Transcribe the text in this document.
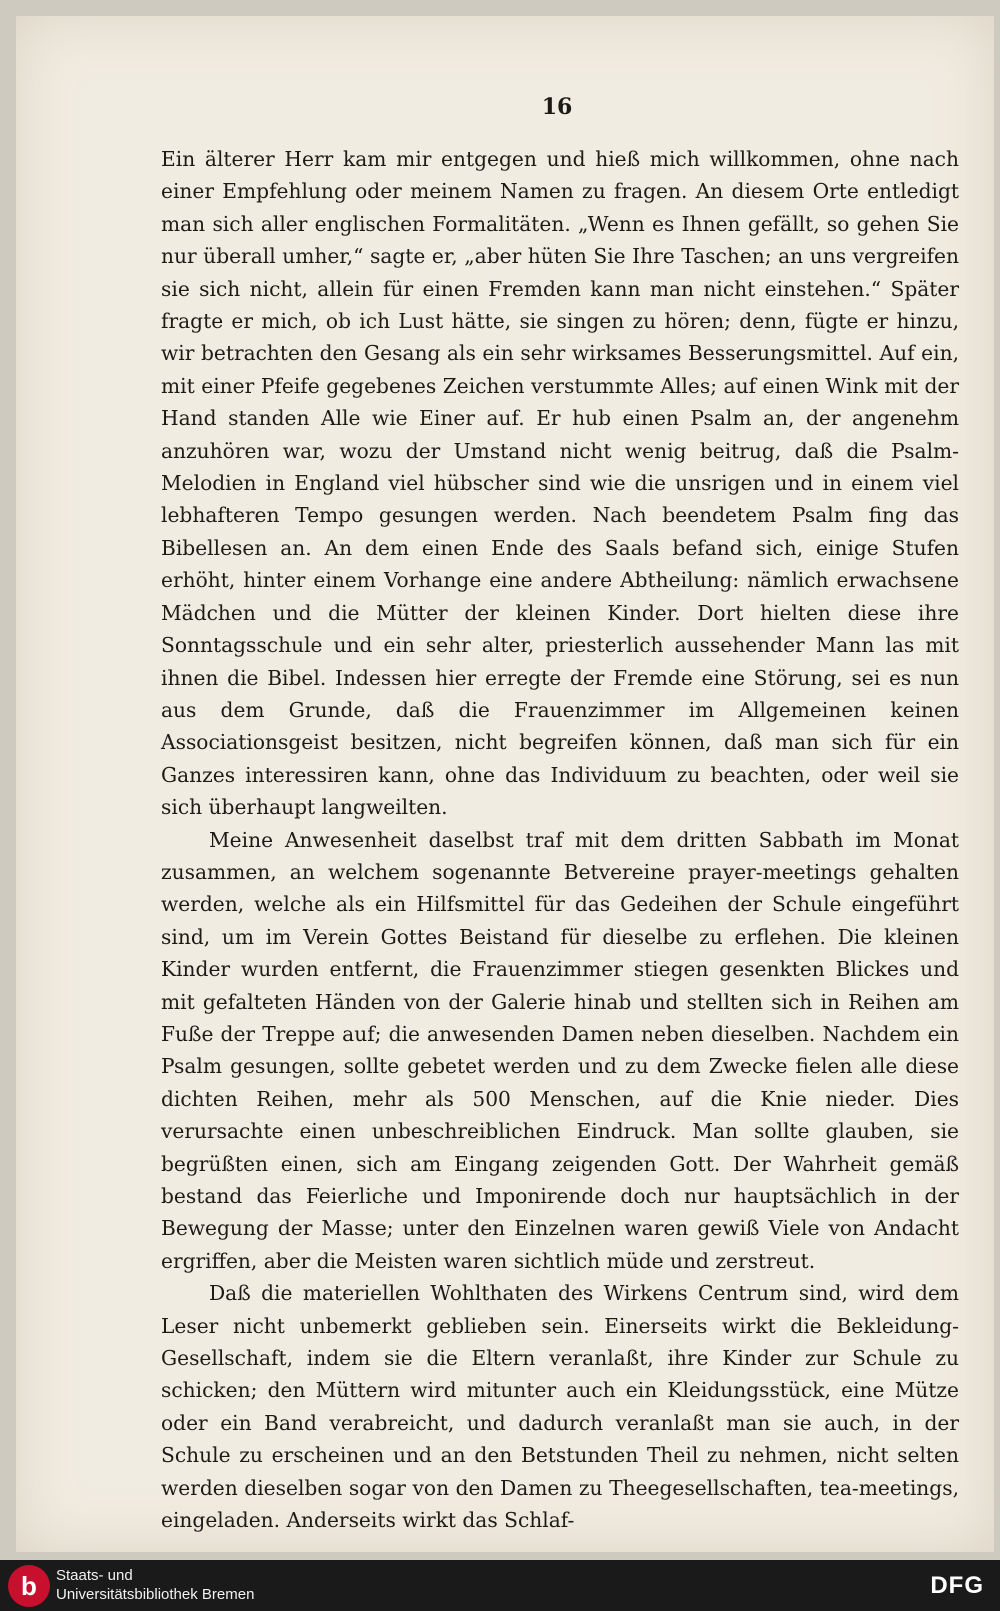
16

Ein älterer Herr kam mir entgegen und hieß mich willkommen, ohne nach einer Empfehlung oder meinem Namen zu fragen. An diesem Orte entledigt man sich aller englischen Formalitäten. „Wenn es Ihnen gefällt, so gehen Sie nur überall umher,“ sagte er, „aber hüten Sie Ihre Taschen; an uns vergreifen sie sich nicht, allein für einen Fremden kann man nicht einstehen.“ Später fragte er mich, ob ich Lust hätte, sie singen zu hören; denn, fügte er hinzu, wir betrachten den Gesang als ein sehr wirksames Besserungsmittel. Auf ein, mit einer Pfeife gegebenes Zeichen verstummte Alles; auf einen Wink mit der Hand standen Alle wie Einer auf. Er hub einen Psalm an, der angenehm anzuhören war, wozu der Umstand nicht wenig beitrug, daß die Psalm-Melodien in England viel hübscher sind wie die unsrigen und in einem viel lebhafteren Tempo gesungen werden. Nach beendetem Psalm fing das Bibellesen an. An dem einen Ende des Saals befand sich, einige Stufen erhöht, hinter einem Vorhange eine andere Abtheilung: nämlich erwachsene Mädchen und die Mütter der kleinen Kinder. Dort hielten diese ihre Sonntagsschule und ein sehr alter, priesterlich aussehender Mann las mit ihnen die Bibel. Indessen hier erregte der Fremde eine Störung, sei es nun aus dem Grunde, daß die Frauenzimmer im Allgemeinen keinen Associationsgeist besitzen, nicht begreifen können, daß man sich für ein Ganzes interessiren kann, ohne das Individuum zu beachten, oder weil sie sich überhaupt langweilten.

Meine Anwesenheit daselbst traf mit dem dritten Sabbath im Monat zusammen, an welchem sogenannte Betvereine prayer-meetings gehalten werden, welche als ein Hilfsmittel für das Gedeihen der Schule eingeführt sind, um im Verein Gottes Beistand für dieselbe zu erflehen. Die kleinen Kinder wurden entfernt, die Frauenzimmer stiegen gesenkten Blickes und mit gefalteten Händen von der Galerie hinab und stellten sich in Reihen am Fuße der Treppe auf; die anwesenden Damen neben dieselben. Nachdem ein Psalm gesungen, sollte gebetet werden und zu dem Zwecke fielen alle diese dichten Reihen, mehr als 500 Menschen, auf die Knie nieder. Dies verursachte einen unbeschreiblichen Eindruck. Man sollte glauben, sie begrüßten einen, sich am Eingang zeigenden Gott. Der Wahrheit gemäß bestand das Feierliche und Imponirende doch nur hauptsächlich in der Bewegung der Masse; unter den Einzelnen waren gewiß Viele von Andacht ergriffen, aber die Meisten waren sichtlich müde und zerstreut.

Daß die materiellen Wohlthaten des Wirkens Centrum sind, wird dem Leser nicht unbemerkt geblieben sein. Einerseits wirkt die Bekleidung-Gesellschaft, indem sie die Eltern veranlaßt, ihre Kinder zur Schule zu schicken; den Müttern wird mitunter auch ein Kleidungsstück, eine Mütze oder ein Band verabreicht, und dadurch veranlaßt man sie auch, in der Schule zu erscheinen und an den Betstunden Theil zu nehmen, nicht selten werden dieselben sogar von den Damen zu Theegesellschaften, tea-meetings, eingeladen. Anderseits wirkt das Schlaf-

b Staats- und
Universitätsbibliothek Bremen	DFG
